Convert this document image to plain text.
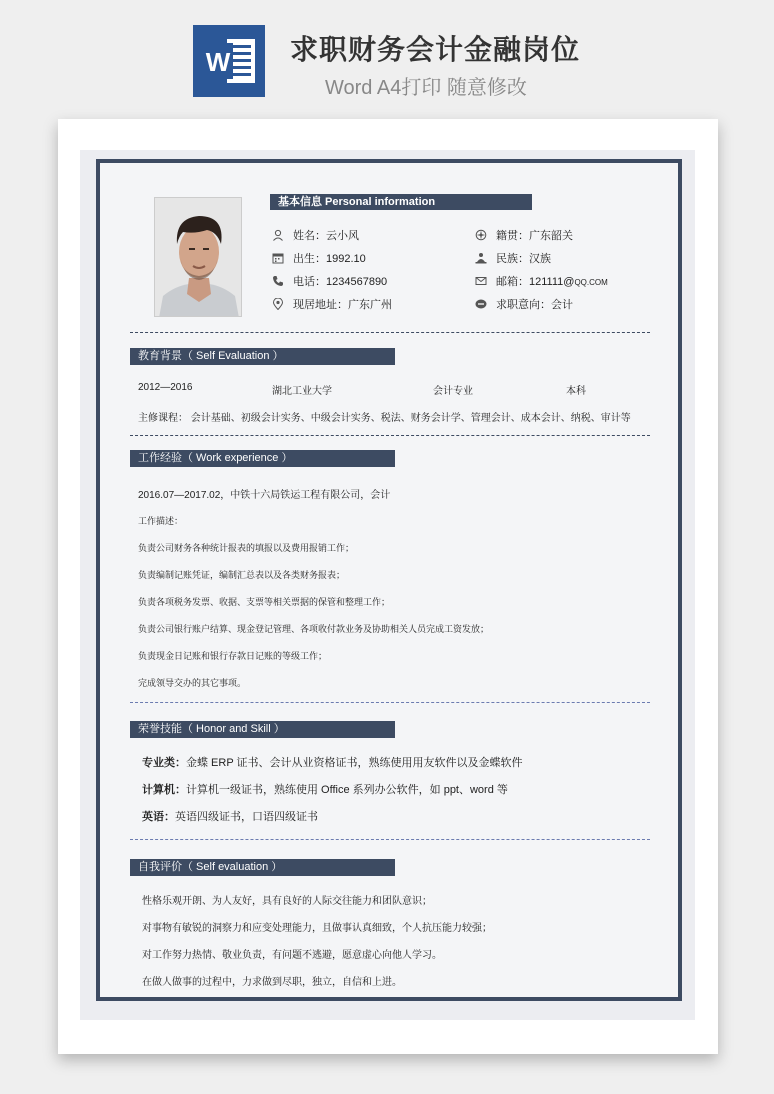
W 求职财务会计金融岗位
Word A4打印 随意修改
基本信息 Personal information
姓名：云小风
出生：1992.10
电话：1234567890
现居地址：广东广州
籍贯：广东韶关
民族：汉族
邮箱：121111@QQ.COM
求职意向：会计
教育背景（ Self Evaluation ）
2012—2016	湖北工业大学	会计专业	本科
主修课程： 会计基础、初级会计实务、中级会计实务、税法、财务会计学、管理会计、成本会计、纳税、审计等
工作经验（ Work experience ）
2016.07—2017.02，中铁十六局铁运工程有限公司，会计
工作描述：
负责公司财务各种统计报表的填报以及费用报销工作；
负责编制记账凭证，编制汇总表以及各类财务报表；
负责各项税务发票、收据、支票等相关票据的保管和整理工作；
负责公司银行账户结算、现金登记管理、各项收付款业务及协助相关人员完成工资发放；
负责现金日记账和银行存款日记账的等级工作；
完成领导交办的其它事项。
荣誉技能（ Honor and Skill ）
专业类：金蝶 ERP 证书、会计从业资格证书，熟练使用用友软件以及金蝶软件
计算机：计算机一级证书，熟练使用 Office 系列办公软件，如 ppt、word 等
英语：英语四级证书，口语四级证书
自我评价（ Self evaluation ）
性格乐观开朗、为人友好，具有良好的人际交往能力和团队意识；
对事物有敏锐的洞察力和应变处理能力，且做事认真细致，个人抗压能力较强；
对工作努力热情、敬业负责，有问题不逃避，愿意虚心向他人学习。
在做人做事的过程中，力求做到尽职，独立，自信和上进。
